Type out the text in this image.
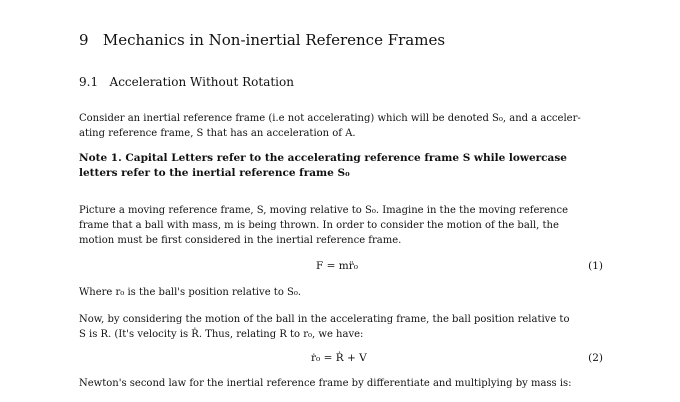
9 Mechanics in Non-inertial Reference Frames
9.1 Acceleration Without Rotation
Consider an inertial reference frame (i.e not accelerating) which will be denoted S₀, and a acceler-
ating reference frame, S that has an acceleration of A.
Note 1. Capital Letters refer to the accelerating reference frame S while lowercase
letters refer to the inertial reference frame S₀
Picture a moving reference frame, S, moving relative to S₀. Imagine in the the moving reference
frame that a ball with mass, m is being thrown. In order to consider the motion of the ball, the
motion must be first considered in the inertial reference frame.
F = mr̈₀	(1)
Where r₀ is the ball's position relative to S₀.
Now, by considering the motion of the ball in the accelerating frame, the ball position relative to
S is R. (It's velocity is Ṙ. Thus, relating R to r₀, we have:
ṙ₀ = Ṙ + V	(2)
Newton's second law for the inertial reference frame by differentiate and multiplying by mass is:
